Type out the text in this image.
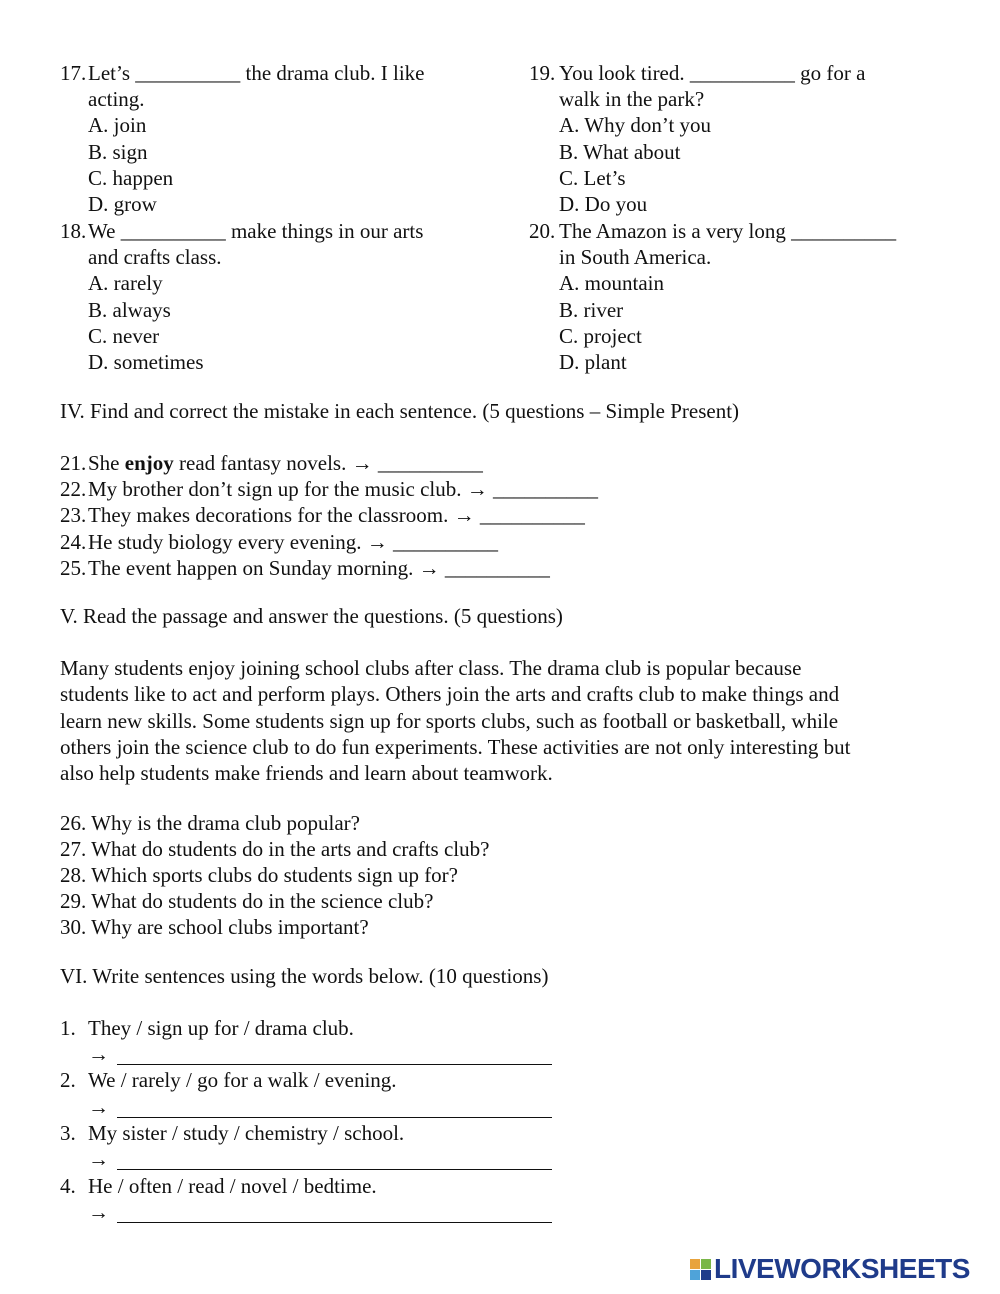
17. Let’s __________ the drama club. I like
acting.
A. join
B. sign
C. happen
D. grow
18. We __________ make things in our arts
and crafts class.
A. rarely
B. always
C. never
D. sometimes
19. You look tired. __________ go for a
walk in the park?
A. Why don’t you
B. What about
C. Let’s
D. Do you
20. The Amazon is a very long __________
in South America.
A. mountain
B. river
C. project
D. plant
IV. Find and correct the mistake in each sentence. (5 questions – Simple Present)
21. She enjoy read fantasy novels. → __________
22. My brother don’t sign up for the music club. → __________
23. They makes decorations for the classroom. → __________
24. He study biology every evening. → __________
25. The event happen on Sunday morning. → __________
V. Read the passage and answer the questions. (5 questions)
Many students enjoy joining school clubs after class. The drama club is popular because
students like to act and perform plays. Others join the arts and crafts club to make things and
learn new skills. Some students sign up for sports clubs, such as football or basketball, while
others join the science club to do fun experiments. These activities are not only interesting but
also help students make friends and learn about teamwork.
26. Why is the drama club popular?
27. What do students do in the arts and crafts club?
28. Which sports clubs do students sign up for?
29. What do students do in the science club?
30. Why are school clubs important?
VI. Write sentences using the words below. (10 questions)
1. They / sign up for / drama club.
→
2. We / rarely / go for a walk / evening.
→
3. My sister / study / chemistry / school.
→
4. He / often / read / novel / bedtime.
→
LIVEWORKSHEETS
